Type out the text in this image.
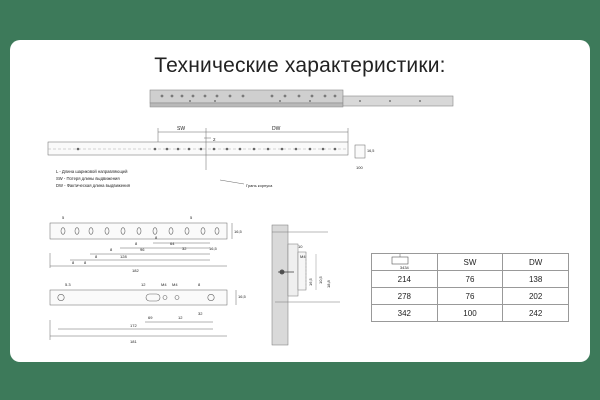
Технические характеристики:
SW	DW
2
16,5
100
Грань корпуса
5	5
32	16,5
64
96
128
182
8
8
8
8
8 8
16,5
5.3	12	M4 M4	8
69	12
32
172
181
16,5
10
M4
16,5 10,5
18,8
L - Длина шариковой направляющей
SW - Потеря длины выдвижения
DW - Фактическая длина выдвижения
3434	SW	DW
214	76	138
278	76	202
342	100	242
